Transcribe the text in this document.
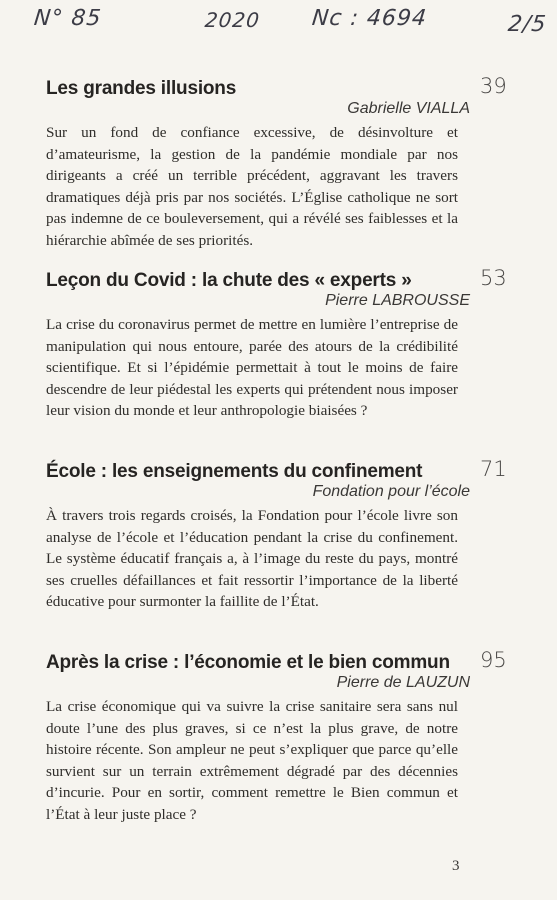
N° 85	2020 Nc : 4694	2/5
Les grandes illusions	39
Gabrielle VIALLA
Sur un fond de confiance excessive, de désinvolture et d’amateurisme, la gestion de la pandémie mondiale par nos dirigeants a créé un terrible précédent, aggravant les travers dramatiques déjà pris par nos sociétés. L’Église catholique ne sort pas indemne de ce bouleversement, qui a révélé ses faiblesses et la hiérarchie abîmée de ses priorités.
Leçon du Covid : la chute des « experts »	53
Pierre LABROUSSE
La crise du coronavirus permet de mettre en lumière l’entreprise de manipulation qui nous entoure, parée des atours de la crédibilité scientifique. Et si l’épidémie permettait à tout le moins de faire descendre de leur piédestal les experts qui prétendent nous imposer leur vision du monde et leur anthropologie biaisées ?
École : les enseignements du confinement	71
Fondation pour l’école
À travers trois regards croisés, la Fondation pour l’école livre son analyse de l’école et l’éducation pendant la crise du confinement. Le système éducatif français a, à l’image du reste du pays, montré ses cruelles défaillances et fait ressortir l’importance de la liberté éducative pour surmonter la faillite de l’État.
Après la crise : l’économie et le bien commun 95
Pierre de LAUZUN
La crise économique qui va suivre la crise sanitaire sera sans nul doute l’une des plus graves, si ce n’est la plus grave, de notre histoire récente. Son ampleur ne peut s’expliquer que parce qu’elle survient sur un terrain extrêmement dégradé par des décennies d’incurie. Pour en sortir, comment remettre le Bien commun et l’État à leur juste place ?
3
